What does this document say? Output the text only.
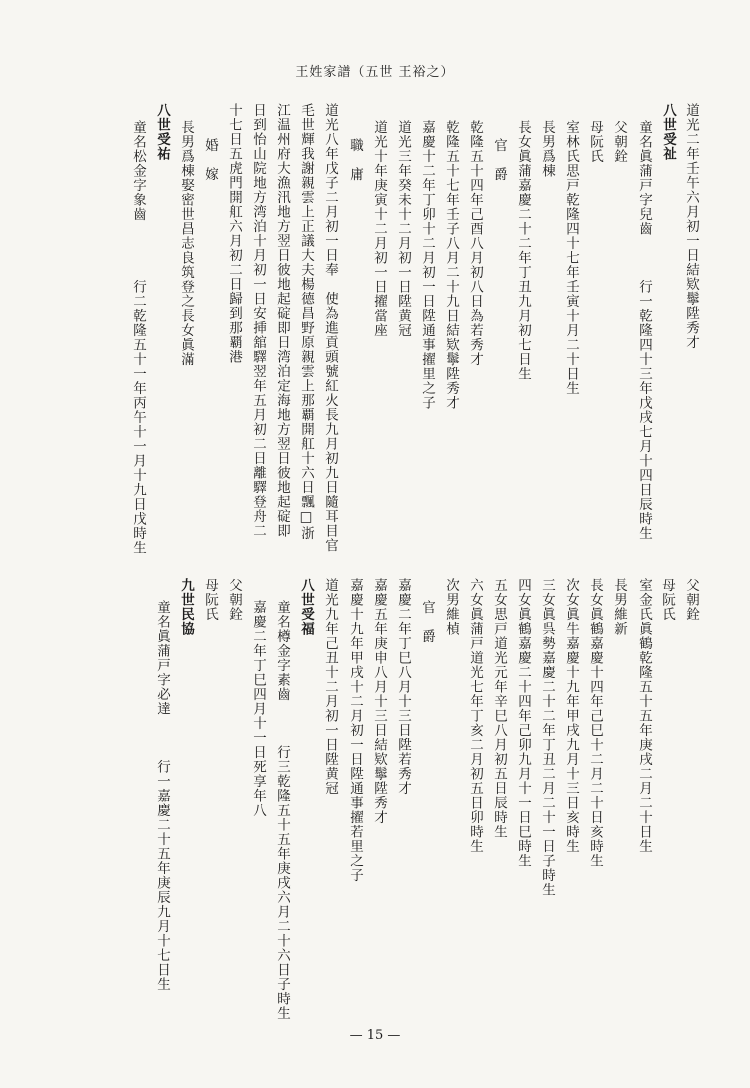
王姓家譜（五世 王裕之）
道光二年壬午六月初一日結欵鬡陞秀才
八世受祉
童名眞蒲戸字兒齒　　　行一乾隆四十三年戊戌七月十四日辰時生
父朝銓
母阮氏
室林氏思戸乾隆四十七年壬寅十月二十日生
長男爲棟
長女眞蒲嘉慶二十二年丁丑九月初七日生
官　爵
乾隆五十四年己酉八月初八日為若秀才
乾隆五十七年壬子八月二十九日結欵鬡陞秀才
嘉慶十二年丁卯十二月初一日陞通事擢里之子
道光三年癸未十二月初一日陞黄冠
道光十年庚寅十二月初一日擢當座
職　庸
道光八年戊子二月初一日奉　使為進貢頭號紅火長九月初九日隨耳目官
毛世輝我謝親雲上正議大夫楊德昌野原親雲上那覇開舡十六日飄□浙
江温州府大漁汛地方翌日彼地起碇即日湾泊定海地方翌日彼地起碇即
日到怡山院地方湾泊十月初一日安挿舘驛翌年五月初二日離驛登舟二
十七日五虎門開舡六月初二日歸到那覇港
婚　嫁
長男爲棟娶密世昌志良筑登之長女眞滿
八世受祐
童名松金字象齒　　　　行二乾隆五十一年丙午十一月十九日戊時生
父朝銓
母阮氏
室金氏眞鶴乾隆五十五年庚戌二月二十日生
長男維新
長女眞鶴嘉慶十四年己巳十二月二十日亥時生
次女眞牛嘉慶十九年甲戌九月十三日亥時生
三女眞呉勢嘉慶二十二年丁丑二月二十一日子時生
四女眞鶴嘉慶二十四年己卯九月十一日巳時生
五女思戸道光元年辛巳八月初五日辰時生
六女眞蒲戸道光七年丁亥二月初五日卯時生
次男維楨
官　爵
嘉慶二年丁巳八月十三日陞若秀才
嘉慶五年庚申八月十三日結欵鬡陞秀才
嘉慶十九年甲戌十二月初一日陞通事擢若里之子
道光九年己丑十二月初一日陞黄冠
八世受福
童名樽金字素齒　　　行三乾隆五十五年庚戌六月二十六日子時生
嘉慶二年丁巳四月十一日死享年八
父朝銓
母阮氏
九世民協
童名眞蒲戸字必達　　　行一嘉慶二十五年庚辰九月十七日生
— 15 —
